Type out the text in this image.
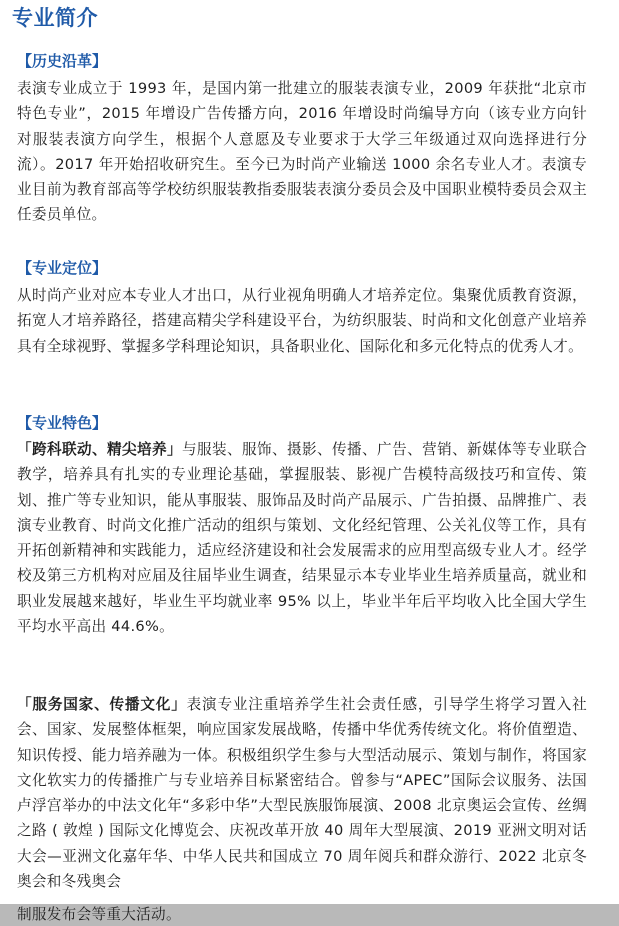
专业简介
【历史沿革】

表演专业成立于 1993 年，是国内第一批建立的服装表演专业，2009 年获批“北京市特色专业”，2015 年增设广告传播方向，2016 年增设时尚编导方向（该专业方向针对服装表演方向学生，根据个人意愿及专业要求于大学三年级通过双向选择进行分流）。2017 年开始招收研究生。至今已为时尚产业输送 1000 余名专业人才。表演专业目前为教育部高等学校纺织服装教指委服装表演分委员会及中国职业模特委员会双主任委员单位。

【专业定位】

从时尚产业对应本专业人才出口，从行业视角明确人才培养定位。集聚优质教育资源，拓宽人才培养路径，搭建高精尖学科建设平台，为纺织服装、时尚和文化创意产业培养具有全球视野、掌握多学科理论知识，具备职业化、国际化和多元化特点的优秀人才。

【专业特色】

「跨科联动、精尖培养」与服装、服饰、摄影、传播、广告、营销、新媒体等专业联合教学，培养具有扎实的专业理论基础，掌握服装、影视广告模特高级技巧和宣传、策划、推广等专业知识，能从事服装、服饰品及时尚产品展示、广告拍摄、品牌推广、表演专业教育、时尚文化推广活动的组织与策划、文化经纪管理、公关礼仪等工作，具有开拓创新精神和实践能力，适应经济建设和社会发展需求的应用型高级专业人才。经学校及第三方机构对应届及往届毕业生调查，结果显示本专业毕业生培养质量高，就业和职业发展越来越好，毕业生平均就业率 95% 以上，毕业半年后平均收入比全国大学生平均水平高出 44.6%。

「服务国家、传播文化」表演专业注重培养学生社会责任感，引导学生将学习置入社会、国家、发展整体框架，响应国家发展战略，传播中华优秀传统文化。将价值塑造、知识传授、能力培养融为一体。积极组织学生参与大型活动展示、策划与制作，将国家文化软实力的传播推广与专业培养目标紧密结合。曾参与“APEC”国际会议服务、法国卢浮宫举办的中法文化年“多彩中华”大型民族服饰展演、2008 北京奥运会宣传、丝绸之路 ( 敦煌 ) 国际文化博览会、庆祝改革开放 40 周年大型展演、2019 亚洲文明对话大会—亚洲文化嘉年华、中华人民共和国成立 70 周年阅兵和群众游行、2022 北京冬奥会和冬残奥会

制服发布会等重大活动。
